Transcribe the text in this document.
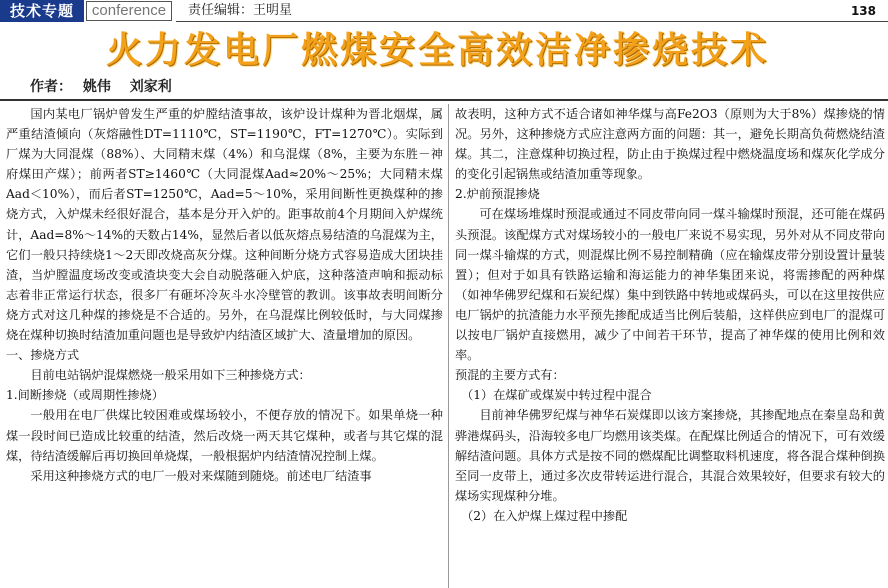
技术专题	conference	责任编辑：王明星	138
火力发电厂燃煤安全高效洁净掺烧技术
作者： 姚伟 刘家利

国内某电厂锅炉曾发生严重的炉膛结渣事故，该炉设计煤种为晋北烟煤，属严重结渣倾向（灰熔融性DT=1110℃，ST=1190℃，FT=1270℃）。实际到厂煤为大同混煤（88%）、大同精末煤（4%）和乌混煤（8%，主要为东胜－神府煤田产煤）；前两者ST≥1460℃（大同混煤Aad≈20%～25%；大同精末煤Aad＜10%），而后者ST=1250℃，Aad=5～10%，采用间断性更换煤种的掺烧方式，入炉煤未经很好混合，基本是分开入炉的。距事故前4个月期间入炉煤统计，Aad=8%～14%的天数占14%，显然后者以低灰熔点易结渣的乌混煤为主，它们一般只持续烧1～2天即改烧高灰分煤。这种间断分烧方式容易造成大团块挂渣，当炉膛温度场改变或渣块变大会自动脱落砸入炉底，这种落渣声响和振动标志着非正常运行状态，很多厂有砸坏冷灰斗水冷壁管的教训。该事故表明间断分烧方式对这几种煤的掺烧是不合适的。另外，在乌混煤比例较低时，与大同煤掺烧在煤种切换时结渣加重问题也是导致炉内结渣区域扩大、渣量增加的原因。

一、掺烧方式

目前电站锅炉混煤燃烧一般采用如下三种掺烧方式：

1.间断掺烧（或周期性掺烧）

一般用在电厂供煤比较困难或煤场较小，不便存放的情况下。如果单烧一种煤一段时间已造成比较重的结渣，然后改烧一两天其它煤种，或者与其它煤的混煤，待结渣缓解后再切换回单烧煤，一般根据炉内结渣情况控制上煤。

采用这种掺烧方式的电厂一般对来煤随到随烧。前述电厂结渣事

故表明，这种方式不适合诸如神华煤与高Fe2O3（原则为大于8%）煤掺烧的情况。另外，这种掺烧方式应注意两方面的问题：其一，避免长期高负荷燃烧结渣煤。其二，注意煤种切换过程，防止由于换煤过程中燃烧温度场和煤灰化学成分的变化引起锅焦或结渣加重等现象。

2.炉前预混掺烧

可在煤场堆煤时预混或通过不同皮带向同一煤斗输煤时预混，还可能在煤码头预混。该配煤方式对煤场较小的一般电厂来说不易实现，另外对从不同皮带向同一煤斗输煤的方式，则混煤比例不易控制精确（应在输煤皮带分别设置计量装置）；但对于如具有铁路运输和海运能力的神华集团来说，将需掺配的两种煤（如神华佛罗纪煤和石炭纪煤）集中到铁路中转地或煤码头，可以在这里按供应电厂锅炉的抗渣能力水平预先掺配成适当比例后装船，这样供应到电厂的混煤可以按电厂锅炉直接燃用，减少了中间若干环节，提高了神华煤的使用比例和效率。

预混的主要方式有：

（1）在煤矿或煤炭中转过程中混合

目前神华佛罗纪煤与神华石炭煤即以该方案掺烧，其掺配地点在秦皇岛和黄骅港煤码头，沿海较多电厂均燃用该类煤。在配煤比例适合的情况下，可有效缓解结渣问题。具体方式是按不同的燃煤配比调整取料机速度，将各混合煤种倒换至同一皮带上，通过多次皮带转运进行混合，其混合效果较好，但要求有较大的煤场实现煤种分堆。

（2）在入炉煤上煤过程中掺配
